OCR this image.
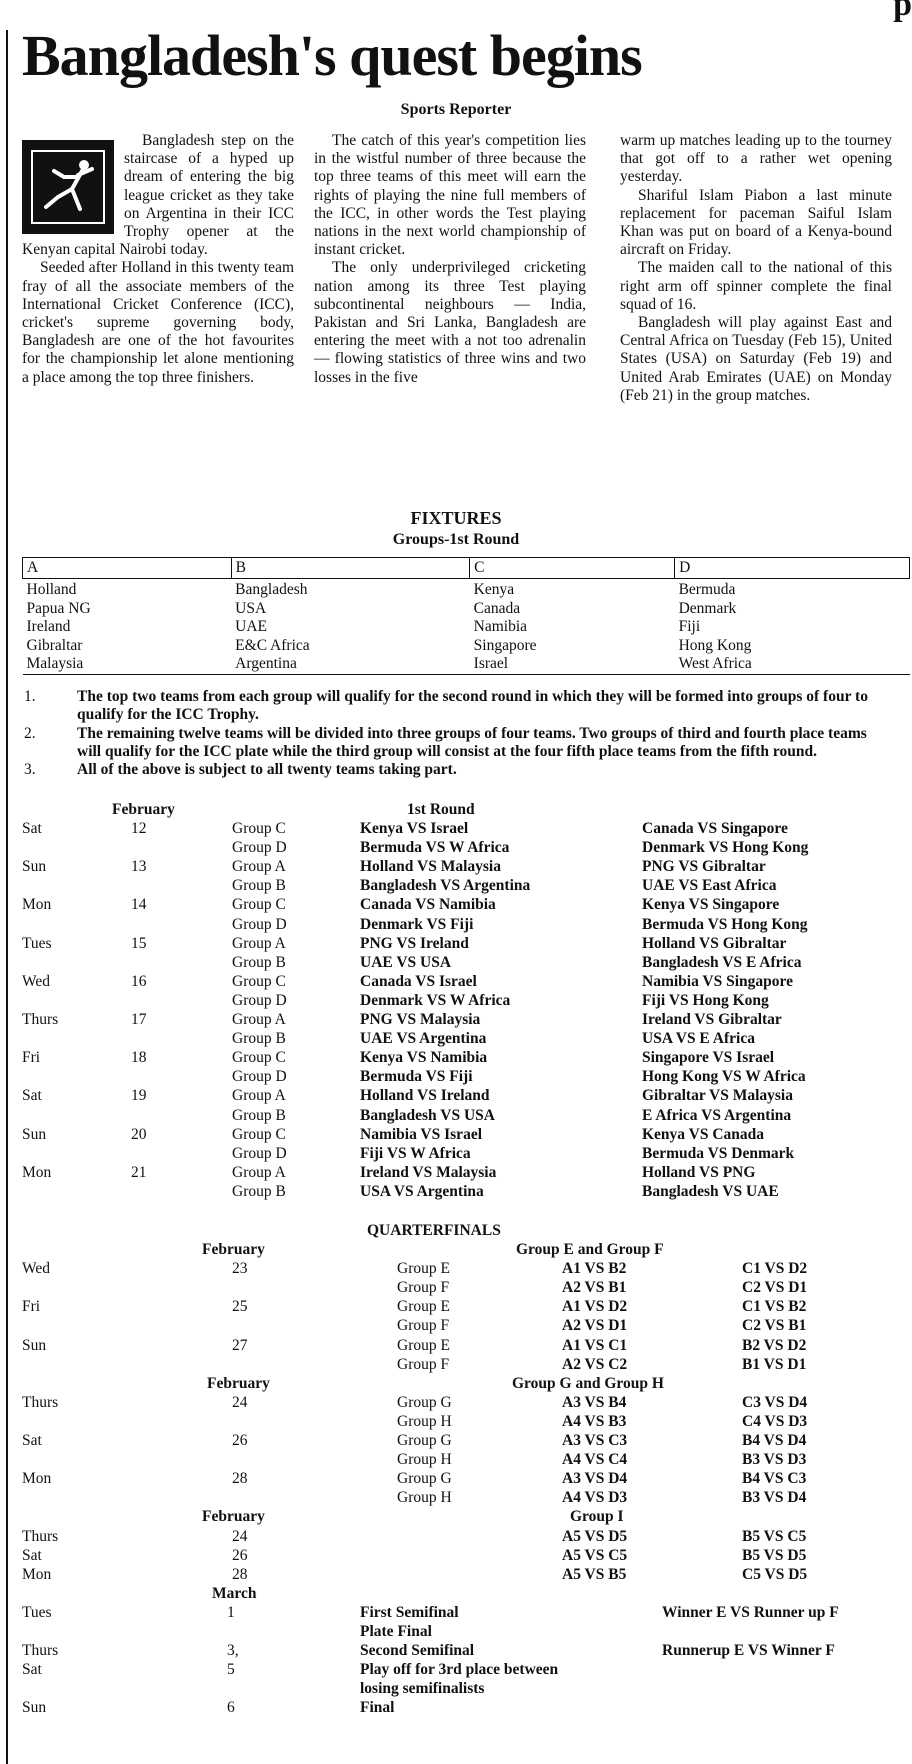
p
Bangladesh's quest begins
Sports Reporter

Bangladesh step on the staircase of a hyped up dream of entering the big league cricket as they take on Argentina in their ICC Trophy opener at the Kenyan capital Nairobi today.

Seeded after Holland in this twenty team fray of all the associate members of the International Cricket Conference (ICC), cricket's supreme governing body, Bangladesh are one of the hot favourites for the championship let alone mentioning a place among the top three finishers.

The catch of this year's competition lies in the wistful number of three because the top three teams of this meet will earn the rights of playing the nine full members of the ICC, in other words the Test playing nations in the next world championship of instant cricket.

The only underprivileged cricketing nation among its three Test playing subcontinental neighbours — India, Pakistan and Sri Lanka, Bangladesh are entering the meet with a not too adrenalin — flowing statistics of three wins and two losses in the five

warm up matches leading up to the tourney that got off to a rather wet opening yesterday.

Shariful Islam Piabon a last minute replacement for paceman Saiful Islam Khan was put on board of a Kenya-bound aircraft on Friday.

The maiden call to the national of this right arm off spinner complete the final squad of 16.

Bangladesh will play against East and Central Africa on Tuesday (Feb 15), United States (USA) on Saturday (Feb 19) and United Arab Emirates (UAE) on Monday (Feb 21) in the group matches.

FIXTURES
Groups-1st Round
A	B	C	D
Holland	Bangladesh	Kenya	Bermuda
Papua NG	USA	Canada	Denmark
Ireland	UAE	Namibia	Fiji
Gibraltar	E&C Africa	Singapore	Hong Kong
Malaysia	Argentina	Israel	West Africa
1.	The top two teams from each group will qualify for the second round in which they will be formed into groups of four to qualify for the ICC Trophy.
2.	The remaining twelve teams will be divided into three groups of four teams. Two groups of third and fourth place teams will qualify for the ICC plate while the third group will consist at the four fifth place teams from the fifth round.
3.	All of the above is subject to all twenty teams taking part.
February	1st Round
Sat	12	Group C	Kenya VS Israel	Canada VS Singapore
Group D	Bermuda VS W Africa	Denmark VS Hong Kong
Sun	13	Group A	Holland VS Malaysia	PNG VS Gibraltar
Group B	Bangladesh VS Argentina	UAE VS East Africa
Mon	14	Group C	Canada VS Namibia	Kenya VS Singapore
Group D	Denmark VS Fiji	Bermuda VS Hong Kong
Tues	15	Group A	PNG VS Ireland	Holland VS Gibraltar
Group B	UAE VS USA	Bangladesh VS E Africa
Wed	16	Group C	Canada VS Israel	Namibia VS Singapore
Group D	Denmark VS W Africa	Fiji VS Hong Kong
Thurs	17	Group A	PNG VS Malaysia	Ireland VS Gibraltar
Group B	UAE VS Argentina	USA VS E Africa
Fri	18	Group C	Kenya VS Namibia	Singapore VS Israel
Group D	Bermuda VS Fiji	Hong Kong VS W Africa
Sat	19	Group A	Holland VS Ireland	Gibraltar VS Malaysia
Group B	Bangladesh VS USA	E Africa VS Argentina
Sun	20	Group C	Namibia VS Israel	Kenya VS Canada
Group D	Fiji VS W Africa	Bermuda VS Denmark
Mon	21	Group A	Ireland VS Malaysia	Holland VS PNG
Group B	USA VS Argentina	Bangladesh VS UAE
QUARTERFINALS
February	Group E and Group F
Wed	23	Group E	A1 VS B2	C1 VS D2
Group F	A2 VS B1	C2 VS D1
Fri	25	Group E	A1 VS D2	C1 VS B2
Group F	A2 VS D1	C2 VS B1
Sun	27	Group E	A1 VS C1	B2 VS D2
Group F	A2 VS C2	B1 VS D1
February	Group G and Group H
Thurs	24	Group G	A3 VS B4	C3 VS D4
Group H	A4 VS B3	C4 VS D3
Sat	26	Group G	A3 VS C3	B4 VS D4
Group H	A4 VS C4	B3 VS D3
Mon	28	Group G	A3 VS D4	B4 VS C3
Group H	A4 VS D3	B3 VS D4
February	Group I
Thurs	24	A5 VS D5	B5 VS C5
Sat	26	A5 VS C5	B5 VS D5
Mon	28	A5 VS B5	C5 VS D5
March
Tues	1	First Semifinal	Winner E VS Runner up F
Plate Final
Thurs	3,	Second Semifinal	Runnerup E VS Winner F
Sat	5	Play off for 3rd place between
losing semifinalists
Sun	6	Final
